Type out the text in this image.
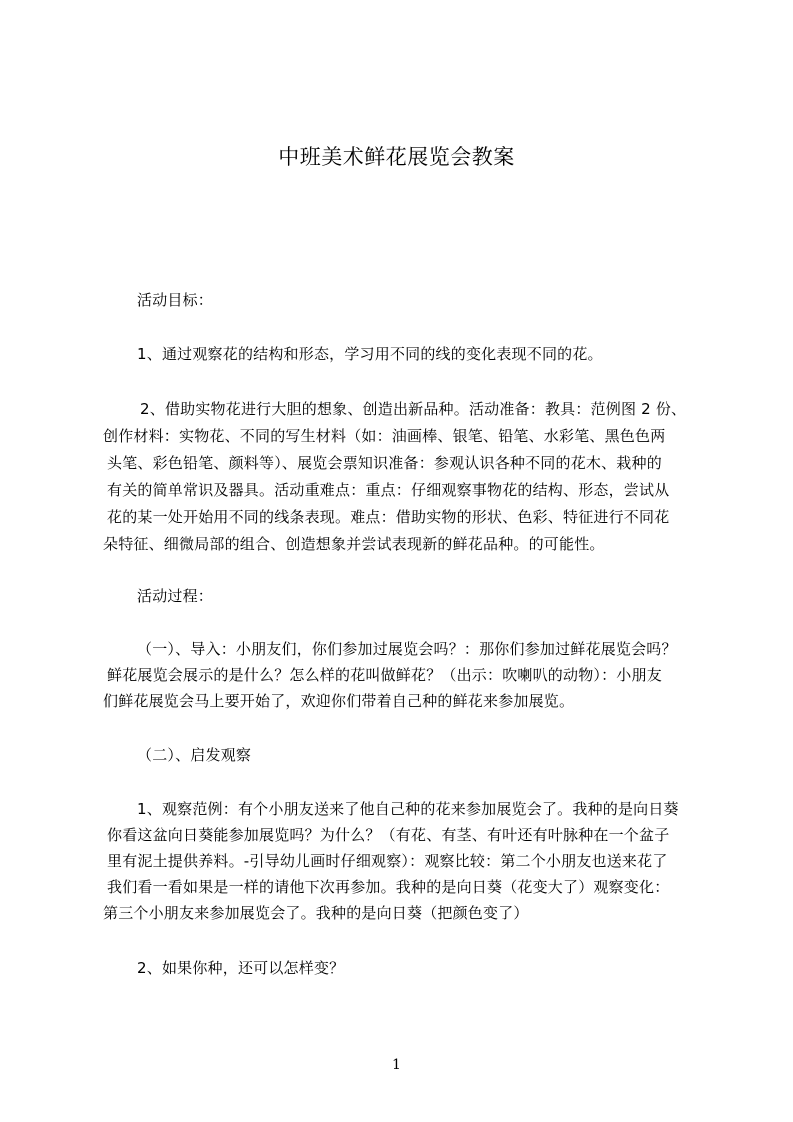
中班美术鲜花展览会教案
活动目标：
1、通过观察花的结构和形态，学习用不同的线的变化表现不同的花。
2、借助实物花进行大胆的想象、创造出新品种。活动准备：教具：范例图 2 份、
创作材料：实物花、不同的写生材料（如：油画棒、银笔、铅笔、水彩笔、黑色色两
头笔、彩色铅笔、颜料等）、展览会票知识准备：参观认识各种不同的花木、栽种的
有关的简单常识及器具。活动重难点：重点：仔细观察事物花的结构、形态，尝试从
花的某一处开始用不同的线条表现。难点：借助实物的形状、色彩、特征进行不同花
朵特征、细微局部的组合、创造想象并尝试表现新的鲜花品种。的可能性。
活动过程：
（一）、导入：小朋友们，你们参加过展览会吗？：那你们参加过鲜花展览会吗？
鲜花展览会展示的是什么？怎么样的花叫做鲜花？（出示：吹喇叭的动物）：小朋友
们鲜花展览会马上要开始了，欢迎你们带着自己种的鲜花来参加展览。
（二）、启发观察
1、观察范例：有个小朋友送来了他自己种的花来参加展览会了。我种的是向日葵
你看这盆向日葵能参加展览吗？为什么？（有花、有茎、有叶还有叶脉种在一个盆子
里有泥土提供养料。-引导幼儿画时仔细观察）：观察比较：第二个小朋友也送来花了
我们看一看如果是一样的请他下次再参加。我种的是向日葵（花变大了）观察变化：
第三个小朋友来参加展览会了。我种的是向日葵（把颜色变了）
2、如果你种，还可以怎样变？
1
